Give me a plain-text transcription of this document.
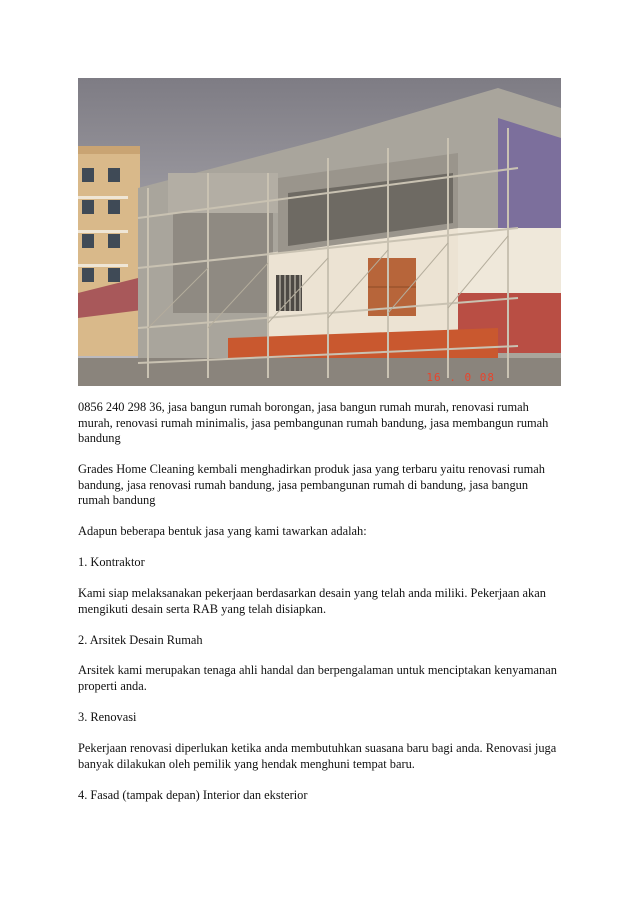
16 . 0 08

0856 240 298 36, jasa bangun rumah borongan, jasa bangun rumah murah, renovasi rumah murah, renovasi rumah minimalis, jasa pembangunan rumah bandung, jasa membangun rumah bandung

Grades Home Cleaning kembali menghadirkan produk jasa yang terbaru yaitu renovasi rumah bandung, jasa renovasi rumah bandung, jasa pembangunan rumah di bandung, jasa bangun rumah bandung

Adapun beberapa bentuk jasa yang kami tawarkan adalah:

1. Kontraktor

Kami siap melaksanakan pekerjaan berdasarkan desain yang telah anda miliki. Pekerjaan akan mengikuti desain serta RAB yang telah disiapkan.

2. Arsitek Desain Rumah

Arsitek kami merupakan tenaga ahli handal dan berpengalaman untuk menciptakan kenyamanan properti anda.

3. Renovasi

Pekerjaan renovasi diperlukan ketika anda membutuhkan suasana baru bagi anda. Renovasi juga banyak dilakukan oleh pemilik yang hendak menghuni tempat baru.

4. Fasad (tampak depan) Interior dan eksterior
